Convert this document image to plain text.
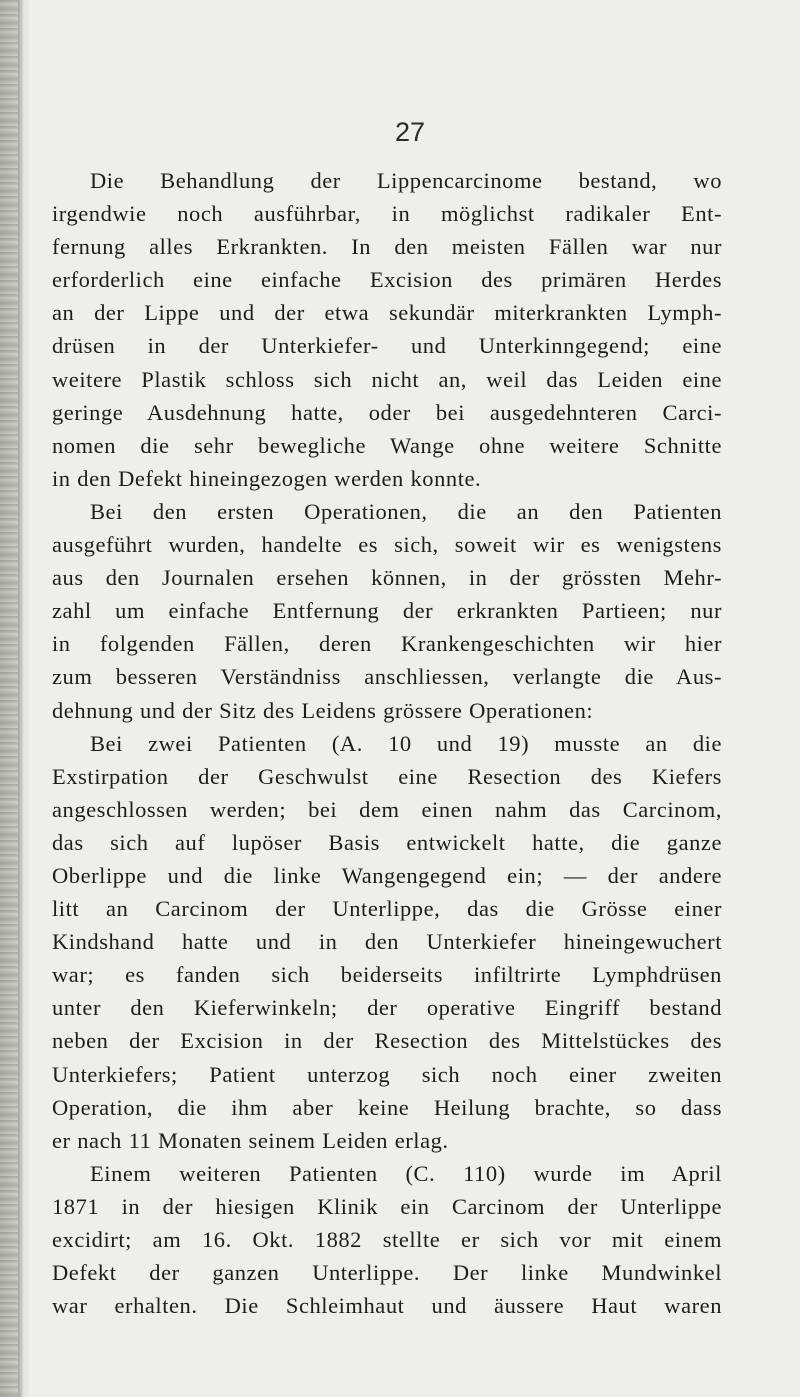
27
Die Behandlung der Lippencarcinome bestand, wo
irgendwie noch ausführbar, in möglichst radikaler Ent-
fernung alles Erkrankten. In den meisten Fällen war nur
erforderlich eine einfache Excision des primären Herdes
an der Lippe und der etwa sekundär miterkrankten Lymph-
drüsen in der Unterkiefer- und Unterkinngegend; eine
weitere Plastik schloss sich nicht an, weil das Leiden eine
geringe Ausdehnung hatte, oder bei ausgedehnteren Carci-
nomen die sehr bewegliche Wange ohne weitere Schnitte
in den Defekt hineingezogen werden konnte.
Bei den ersten Operationen, die an den Patienten
ausgeführt wurden, handelte es sich, soweit wir es wenigstens
aus den Journalen ersehen können, in der grössten Mehr-
zahl um einfache Entfernung der erkrankten Partieen; nur
in folgenden Fällen, deren Krankengeschichten wir hier
zum besseren Verständniss anschliessen, verlangte die Aus-
dehnung und der Sitz des Leidens grössere Operationen:
Bei zwei Patienten (A. 10 und 19) musste an die
Exstirpation der Geschwulst eine Resection des Kiefers
angeschlossen werden; bei dem einen nahm das Carcinom,
das sich auf lupöser Basis entwickelt hatte, die ganze
Oberlippe und die linke Wangengegend ein; — der andere
litt an Carcinom der Unterlippe, das die Grösse einer
Kindshand hatte und in den Unterkiefer hineingewuchert
war; es fanden sich beiderseits infiltrirte Lymphdrüsen
unter den Kieferwinkeln; der operative Eingriff bestand
neben der Excision in der Resection des Mittelstückes des
Unterkiefers; Patient unterzog sich noch einer zweiten
Operation, die ihm aber keine Heilung brachte, so dass
er nach 11 Monaten seinem Leiden erlag.
Einem weiteren Patienten (C. 110) wurde im April
1871 in der hiesigen Klinik ein Carcinom der Unterlippe
excidirt; am 16. Okt. 1882 stellte er sich vor mit einem
Defekt der ganzen Unterlippe. Der linke Mundwinkel
war erhalten. Die Schleimhaut und äussere Haut waren
